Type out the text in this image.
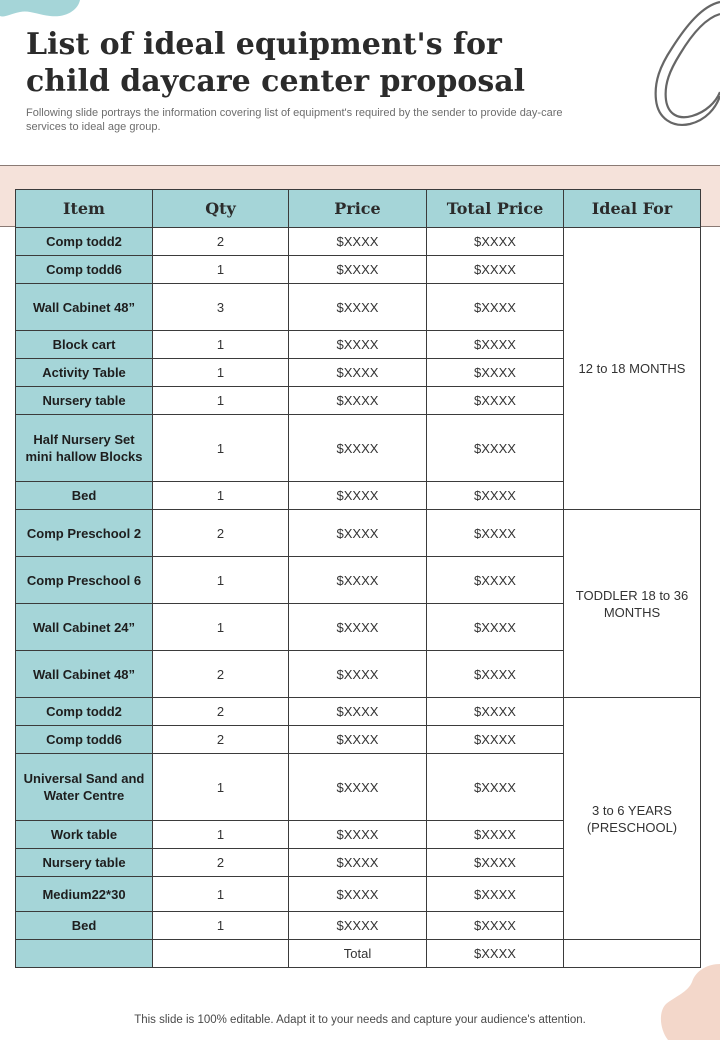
List of ideal equipment's for child daycare center proposal

Following slide portrays the information covering list of equipment's required by the sender to provide day-care services to ideal age group.

Item	Qty	Price	Total Price	Ideal For
Comp todd2	2	$XXXX	$XXXX	12 to 18 MONTHS
Comp todd6	1	$XXXX	$XXXX	
Wall Cabinet 48”	3	$XXXX	$XXXX	
Block cart	1	$XXXX	$XXXX	
Activity Table	1	$XXXX	$XXXX	
Nursery table	1	$XXXX	$XXXX	
Half Nursery Set mini hallow Blocks	1	$XXXX	$XXXX	
Bed	1	$XXXX	$XXXX	
Comp Preschool 2	2	$XXXX	$XXXX	TODDLER 18 to 36 MONTHS
Comp Preschool 6	1	$XXXX	$XXXX	
Wall Cabinet 24”	1	$XXXX	$XXXX	
Wall Cabinet 48”	2	$XXXX	$XXXX	
Comp todd2	2	$XXXX	$XXXX	3 to 6 YEARS (PRESCHOOL)
Comp todd6	2	$XXXX	$XXXX	
Universal Sand and Water Centre	1	$XXXX	$XXXX	
Work table	1	$XXXX	$XXXX	
Nursery table	2	$XXXX	$XXXX	
Medium22*30	1	$XXXX	$XXXX	
Bed	1	$XXXX	$XXXX	
		Total	$XXXX	
This slide is 100% editable. Adapt it to your needs and capture your audience's attention.
